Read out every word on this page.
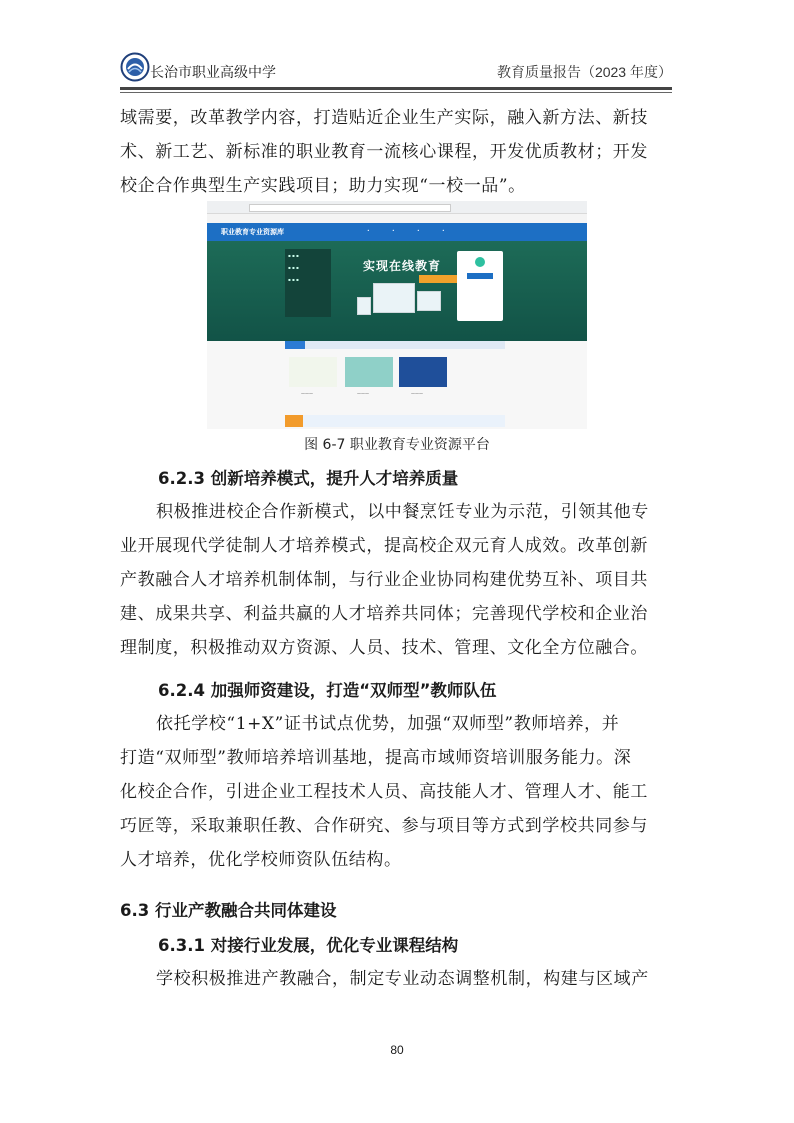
长治市职业高级中学	教育质量报告（2023 年度）
域需要，改革教学内容，打造贴近企业生产实际，融入新方法、新技
术、新工艺、新标准的职业教育一流核心课程，开发优质教材；开发
校企合作典型生产实践项目；助力实现“一校一品”。
职业教育专业资源库	•	•	•	•
▪ ▪ ▪
▪ ▪ ▪
▪ ▪ ▪
实现在线教育
———	———	———
图 6-7 职业教育专业资源平台
6.2.3 创新培养模式，提升人才培养质量
积极推进校企合作新模式，以中餐烹饪专业为示范，引领其他专
业开展现代学徒制人才培养模式，提高校企双元育人成效。改革创新
产教融合人才培养机制体制，与行业企业协同构建优势互补、项目共
建、成果共享、利益共赢的人才培养共同体；完善现代学校和企业治
理制度，积极推动双方资源、人员、技术、管理、文化全方位融合。
6.2.4 加强师资建设，打造“双师型”教师队伍
依托学校“1+X”证书试点优势，加强“双师型”教师培养，并
打造“双师型”教师培养培训基地，提高市域师资培训服务能力。深
化校企合作，引进企业工程技术人员、高技能人才、管理人才、能工
巧匠等，采取兼职任教、合作研究、参与项目等方式到学校共同参与
人才培养，优化学校师资队伍结构。
6.3 行业产教融合共同体建设
6.3.1 对接行业发展，优化专业课程结构
学校积极推进产教融合，制定专业动态调整机制，构建与区域产
80
